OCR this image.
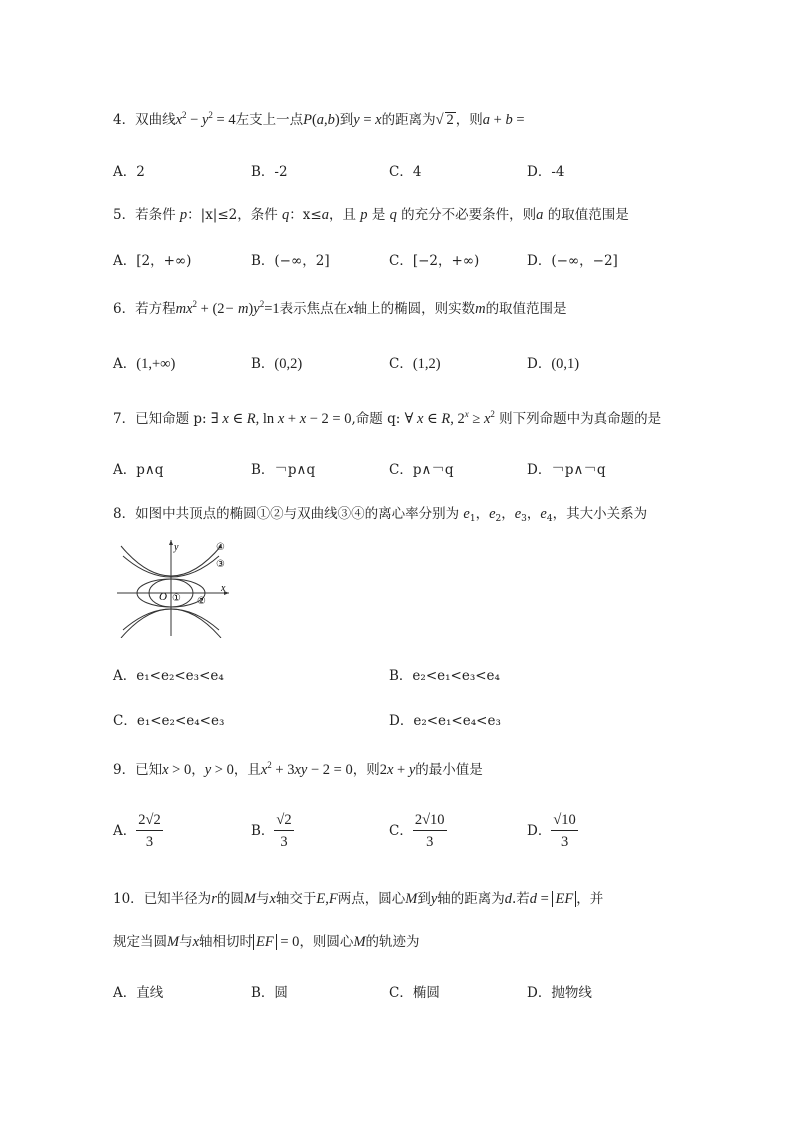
4．双曲线$x^2 - y^2 = 4$左支上一点P(a,b)到y = x的距离为√ 2 ，则a + b =
A．2	B．-2	C．4	D．-4
5．若条件 p：|x|≤2，条件 q：x≤a，且 p 是 q 的充分不必要条件，则a 的取值范围是
A．[2，+∞)	B．(−∞，2]	C．[−2，+∞)	D．(−∞，−2]
6．若方程$mx^2 + (2- m)y^2=1$表示焦点在x轴上的椭圆，则实数m的取值范围是
A．(1,+∞)	B．(0,2)	C．(1,2)	D．(0,1)
7．已知命题 p: ∃ x ∈ R, ln x + x − 2 = 0,命题 q: ∀ x ∈ R, $2^x \ge x^2$ 则下列命题中为真命题的是
A．p∧q	B．￢p∧q	C．p∧￢q	D．￢p∧￢q
8．如图中共顶点的椭圆①②与双曲线③④的离心率分别为 $e_1$，$e_2$，$e_3$，$e_4$，其大小关系为
y
x
O ① ②
③
④
A．e₁<e₂<e₃<e₄	B．e₂<e₁<e₃<e₄
C．e₁<e₂<e₄<e₃	D．e₂<e₁<e₄<e₃
9．已知x > 0，y > 0，且$x^2 + 3xy - 2 = 0$，则2x + y的最小值是
A． $\frac{2√2}{3}$	B． $\frac{√2}{3}$	C． $\frac{2√10}{3}$	D． $\frac{√10}{3}$
10．已知半径为r的圆M与x轴交于E,F两点，圆心M到y轴的距离为d.若d = EF ，并
规定当圆M与x轴相切时 EF = 0，则圆心M的轨迹为
A．直线	B．圆	C．椭圆	D．抛物线
